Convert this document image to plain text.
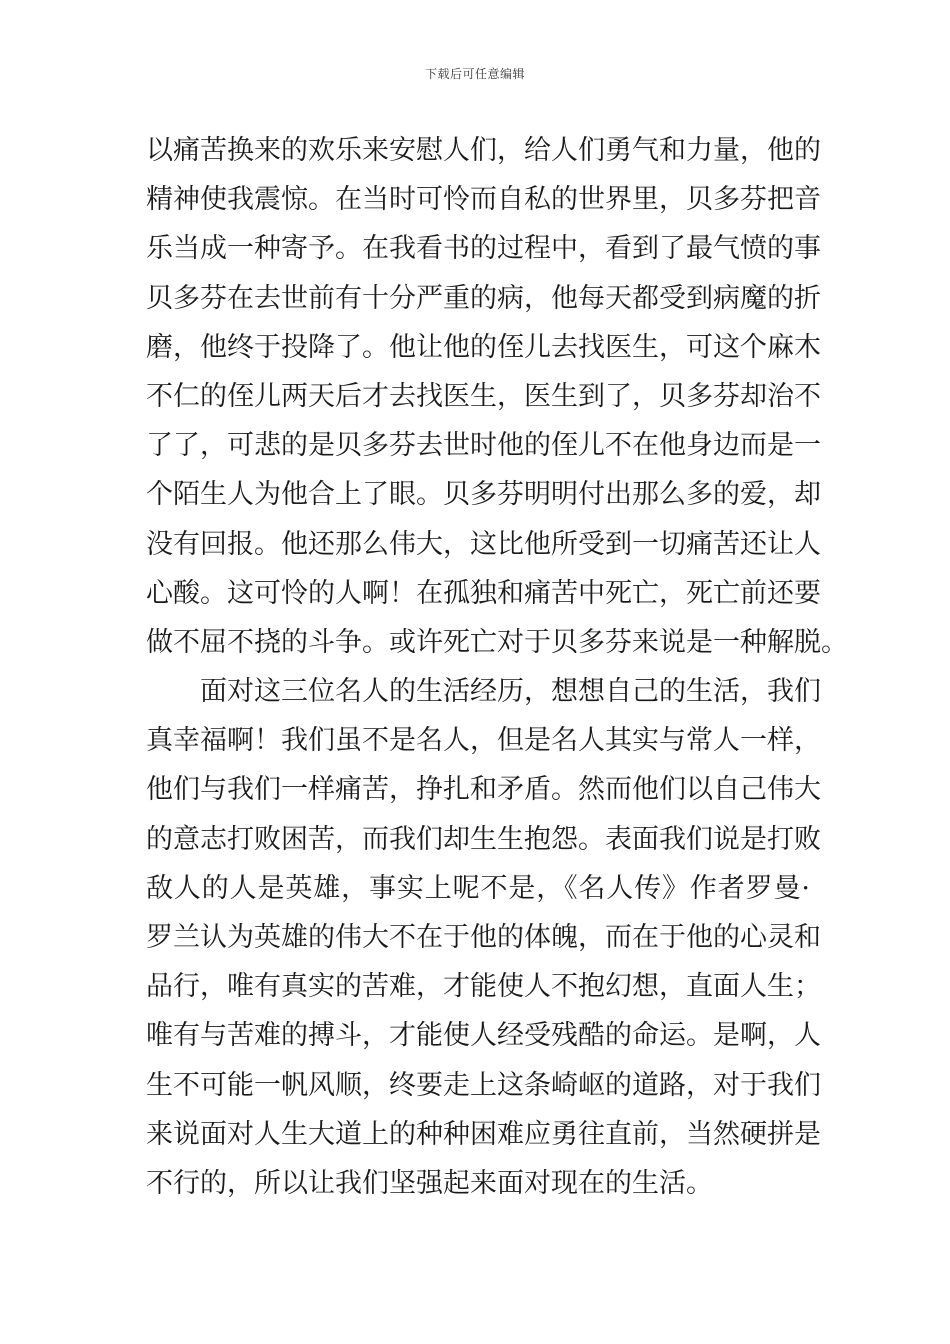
下载后可任意编辑
以痛苦换来的欢乐来安慰人们，给人们勇气和力量，他的
精神使我震惊。在当时可怜而自私的世界里，贝多芬把音
乐当成一种寄予。在我看书的过程中，看到了最气愤的事
贝多芬在去世前有十分严重的病，他每天都受到病魔的折
磨，他终于投降了。他让他的侄儿去找医生，可这个麻木
不仁的侄儿两天后才去找医生，医生到了，贝多芬却治不
了了，可悲的是贝多芬去世时他的侄儿不在他身边而是一
个陌生人为他合上了眼。贝多芬明明付出那么多的爱，却
没有回报。他还那么伟大，这比他所受到一切痛苦还让人
心酸。这可怜的人啊！在孤独和痛苦中死亡，死亡前还要
做不屈不挠的斗争。或许死亡对于贝多芬来说是一种解脱。
面对这三位名人的生活经历，想想自己的生活，我们
真幸福啊！我们虽不是名人，但是名人其实与常人一样，
他们与我们一样痛苦，挣扎和矛盾。然而他们以自己伟大
的意志打败困苦，而我们却生生抱怨。表面我们说是打败
敌人的人是英雄，事实上呢不是，《名人传》作者罗曼·
罗兰认为英雄的伟大不在于他的体魄，而在于他的心灵和
品行，唯有真实的苦难，才能使人不抱幻想，直面人生；
唯有与苦难的搏斗，才能使人经受残酷的命运。是啊，人
生不可能一帆风顺，终要走上这条崎岖的道路，对于我们
来说面对人生大道上的种种困难应勇往直前，当然硬拼是
不行的，所以让我们坚强起来面对现在的生活。
